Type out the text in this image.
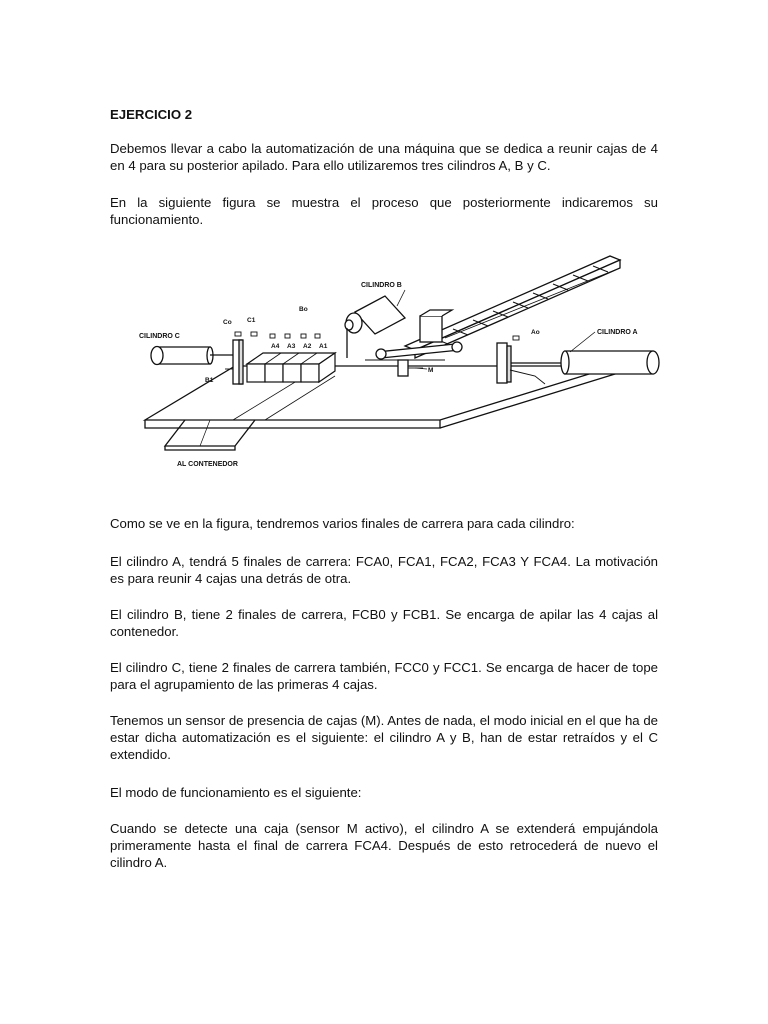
EJERCICIO 2

Debemos llevar a cabo la automatización de una máquina que se dedica a reunir cajas de 4 en 4 para su posterior apilado. Para ello utilizaremos tres cilindros A, B y C.

En la siguiente figura se muestra el proceso que posteriormente indicaremos su funcionamiento.

CILINDRO B
CILINDRO C
CILINDRO A
Co C1
Bo
Ao
A4 A3 A2 A1
B1
M
AL CONTENEDOR

Como se ve en la figura, tendremos varios finales de carrera para cada cilindro:

El cilindro A, tendrá 5 finales de carrera: FCA0, FCA1, FCA2, FCA3 Y FCA4. La motivación es para reunir 4 cajas una detrás de otra.

El cilindro B, tiene 2 finales de carrera, FCB0 y FCB1. Se encarga de apilar las 4 cajas al contenedor.

El cilindro C, tiene 2 finales de carrera también, FCC0 y FCC1. Se encarga de hacer de tope para el agrupamiento de las primeras 4 cajas.

Tenemos un sensor de presencia de cajas (M). Antes de nada, el modo inicial en el que ha de estar dicha automatización es el siguiente: el cilindro A y B, han de estar retraídos y el C extendido.

El modo de funcionamiento es el siguiente:

Cuando se detecte una caja (sensor M activo), el cilindro A se extenderá empujándola primeramente hasta el final de carrera FCA4. Después de esto retrocederá de nuevo el cilindro A.
